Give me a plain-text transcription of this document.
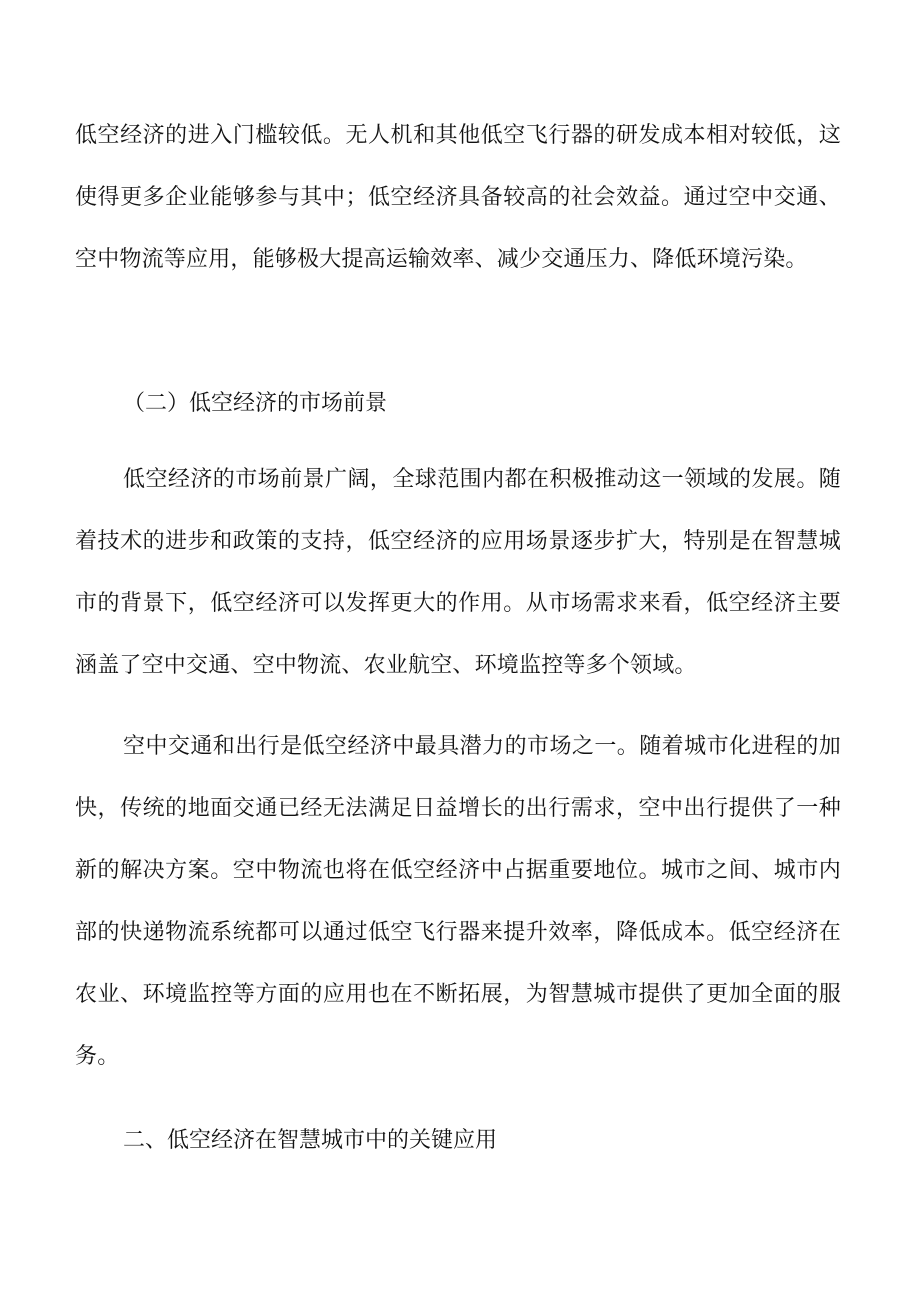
低空经济的进入门槛较低。无人机和其他低空飞行器的研发成本相对较低，这使得更多企业能够参与其中；低空经济具备较高的社会效益。通过空中交通、空中物流等应用，能够极大提高运输效率、减少交通压力、降低环境污染。

（二）低空经济的市场前景

低空经济的市场前景广阔，全球范围内都在积极推动这一领域的发展。随着技术的进步和政策的支持，低空经济的应用场景逐步扩大，特别是在智慧城市的背景下，低空经济可以发挥更大的作用。从市场需求来看，低空经济主要涵盖了空中交通、空中物流、农业航空、环境监控等多个领域。

空中交通和出行是低空经济中最具潜力的市场之一。随着城市化进程的加快，传统的地面交通已经无法满足日益增长的出行需求，空中出行提供了一种新的解决方案。空中物流也将在低空经济中占据重要地位。城市之间、城市内部的快递物流系统都可以通过低空飞行器来提升效率，降低成本。低空经济在农业、环境监控等方面的应用也在不断拓展，为智慧城市提供了更加全面的服务。

二、低空经济在智慧城市中的关键应用
